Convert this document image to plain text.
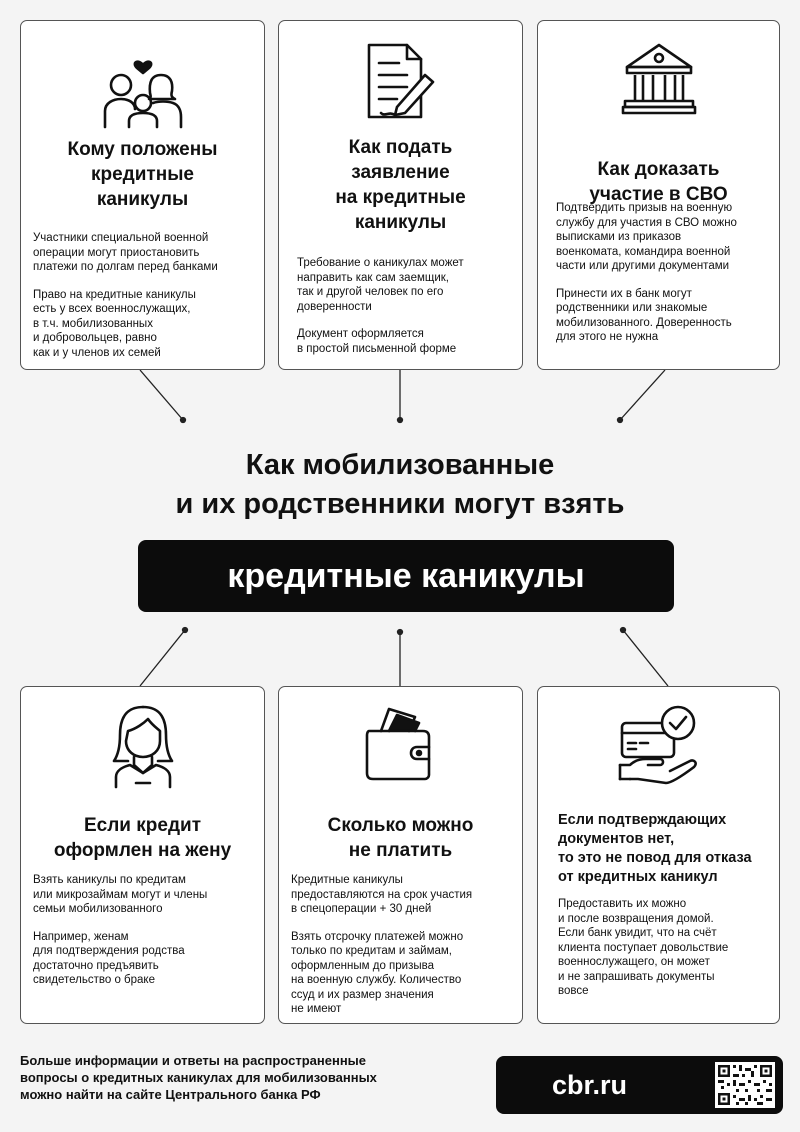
Кому положены
кредитные
каникулы

Участники специальной военной
операции могут приостановить
платежи по долгам перед банками

Право на кредитные каникулы
есть у всех военнослужащих,
в т.ч. мобилизованных
и добровольцев, равно
как и у членов их семей

Как подать
заявление
на кредитные
каникулы

Требование о каникулах может
направить как сам заемщик,
так и другой человек по его
доверенности

Документ оформляется
в простой письменной форме

Как доказать
участие в СВО

Подтвердить призыв на военную
службу для участия в СВО можно
выписками из приказов
военкомата, командира военной
части или другими документами

Принести их в банк могут
родственники или знакомые
мобилизованного. Доверенность
для этого не нужна

Как мобилизованные
и их родственники могут взять
кредитные каникулы
Если кредит
оформлен на жену

Взять каникулы по кредитам
или микрозаймам могут и члены
семьи мобилизованного

Например, женам
для подтверждения родства
достаточно предъявить
свидетельство о браке

Сколько можно
не платить

Кредитные каникулы
предоставляются на срок участия
в спецоперации + 30 дней

Взять отсрочку платежей можно
только по кредитам и займам,
оформленным до призыва
на военную службу. Количество
ссуд и их размер значения
не имеют

Если подтверждающих
документов нет,
то это не повод для отказа
от кредитных каникул

Предоставить их можно
и после возвращения домой.
Если банк увидит, что на счёт
клиента поступает довольствие
военнослужащего, он может
и не запрашивать документы
вовсе

Больше информации и ответы на распространенные
вопросы о кредитных каникулах для мобилизованных
можно найти на сайте Центрального банка РФ	cbr.ru
